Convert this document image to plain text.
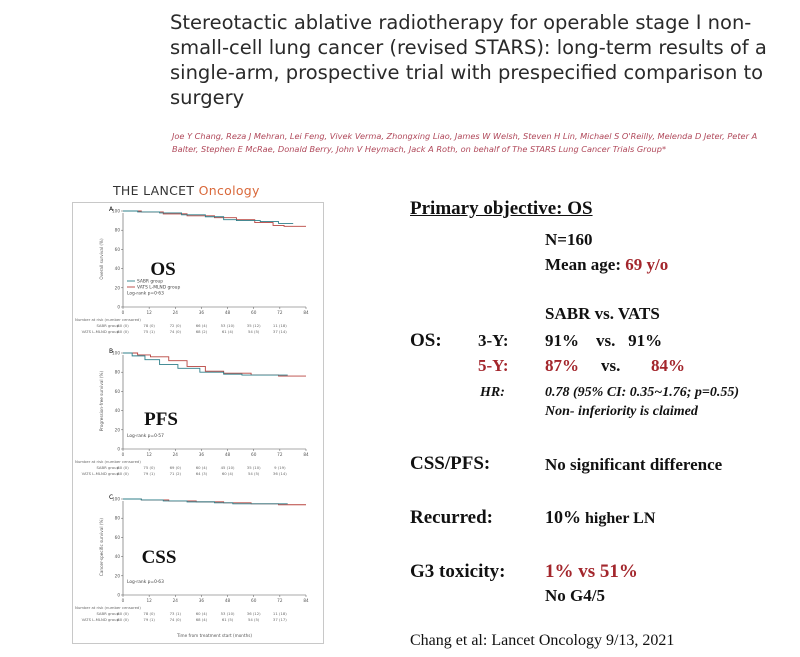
Stereotactic ablative radiotherapy for operable stage I non-small-cell lung cancer (revised STARS): long-term results of a single-arm, prospective trial with prespecified comparison to surgery
Joe Y Chang, Reza J Mehran, Lei Feng, Vivek Verma, Zhongxing Liao, James W Welsh, Steven H Lin, Michael S O'Reilly, Melenda D Jeter, Peter A Balter, Stephen E McRae, Donald Berry, John V Heymach, Jack A Roth, on behalf of The STARS Lung Cancer Trials Group*
THE LANCET Oncology
A
0
20
40
60
80
100
0	12	24	36	48	60	72	84
Overall survival (%)
SABR group
VATS L-MLND group
Log-rank p=0·63
OS
Number at risk (number censored)
SABR group
80 (0)	78 (0)	72 (0)	66 (4)	53 (10)	35 (12)	11 (18)
VATS L-MLND group
80 (0)	75 (1)	74 (0)	68 (2)	61 (4)	54 (5)	37 (14)
B
0
20
40
60
80
100
0	12	24	36	48	60	72	84
Progression-free survival (%)
Log-rank p=0·57
PFS
Number at risk (number censored)
SABR group
80 (0)	75 (0)	69 (0)	60 (4)	45 (10)	35 (10)	9 (19)
VATS L-MLND group
80 (0)	79 (1)	71 (2)	64 (3)	60 (4)	54 (5)	36 (14)
C
0
20
40
60
80
100
0	12	24	36	48	60	72	84
Cancer-specific survival (%)
Log-rank p=0·63
CSS
Number at risk (number censored)
SABR group
80 (0)	78 (0)	73 (1)	60 (4)	53 (10)	36 (12)	11 (18)
VATS L-MLND group
80 (0)	79 (1)	74 (0)	68 (4)	61 (5)	54 (5)	37 (17)
Time from treatment start (months)
Primary objective: OS
N=160
Mean age: 69 y/o
SABR vs. VATS
OS: 3-Y: 91%    vs.   91%
5-Y: 87% vs. 84%
HR:	0.78 (95% CI: 0.35~1.76; p=0.55)
Non- inferiority is claimed
CSS/PFS:	No significant difference
Recurred:	10% higher LN
G3 toxicity: 1% vs 51%
No G4/5
Chang et al: Lancet Oncology 9/13, 2021
